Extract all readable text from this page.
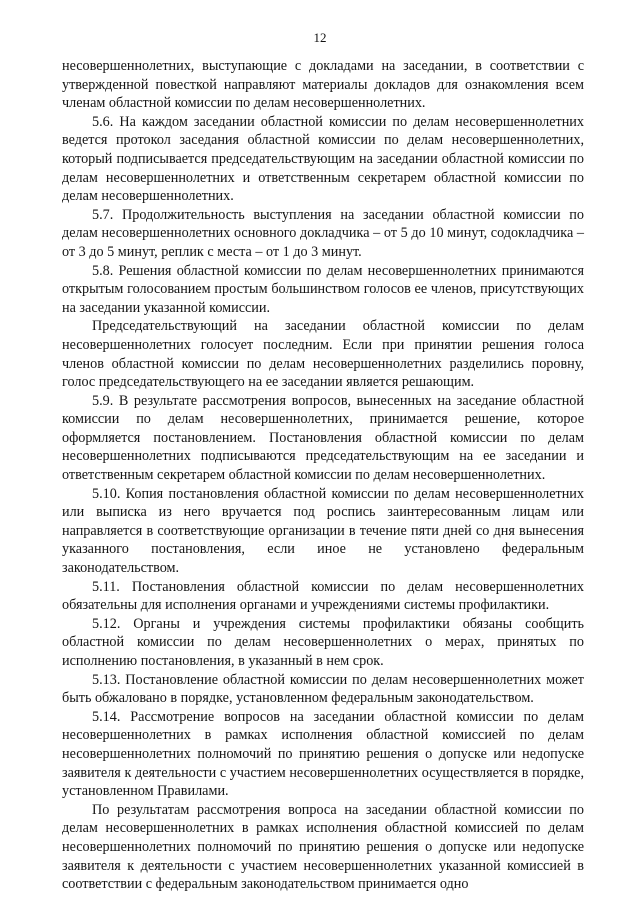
12

несовершеннолетних, выступающие с докладами на заседании, в соответствии с утвержденной повесткой направляют материалы докладов для ознакомления всем членам областной комиссии по делам несовершеннолетних.

5.6. На каждом заседании областной комиссии по делам несовершеннолетних ведется протокол заседания областной комиссии по делам несовершеннолетних, который подписывается председательствующим на заседании областной комиссии по делам несовершеннолетних и ответственным секретарем областной комиссии по делам несовершеннолетних.

5.7. Продолжительность выступления на заседании областной комиссии по делам несовершеннолетних основного докладчика – от 5 до 10 минут, содокладчика – от 3 до 5 минут, реплик с места – от 1 до 3 минут.

5.8. Решения областной комиссии по делам несовершеннолетних принимаются открытым голосованием простым большинством голосов ее членов, присутствующих на заседании указанной комиссии.

Председательствующий на заседании областной комиссии по делам несовершеннолетних голосует последним. Если при принятии решения голоса членов областной комиссии по делам несовершеннолетних разделились поровну, голос председательствующего на ее заседании является решающим.

5.9. В результате рассмотрения вопросов, вынесенных на заседание областной комиссии по делам несовершеннолетних, принимается решение, которое оформляется постановлением. Постановления областной комиссии по делам несовершеннолетних подписываются председательствующим на ее заседании и ответственным секретарем областной комиссии по делам несовершеннолетних.

5.10. Копия постановления областной комиссии по делам несовершеннолетних или выписка из него вручается под роспись заинтересованным лицам или направляется в соответствующие организации в течение пяти дней со дня вынесения указанного постановления, если иное не установлено федеральным законодательством.

5.11. Постановления областной комиссии по делам несовершеннолетних обязательны для исполнения органами и учреждениями системы профилактики.

5.12. Органы и учреждения системы профилактики обязаны сообщить областной комиссии по делам несовершеннолетних о мерах, принятых по исполнению постановления, в указанный в нем срок.

5.13. Постановление областной комиссии по делам несовершеннолетних может быть обжаловано в порядке, установленном федеральным законодательством.

5.14. Рассмотрение вопросов на заседании областной комиссии по делам несовершеннолетних в рамках исполнения областной комиссией по делам несовершеннолетних полномочий по принятию решения о допуске или недопуске заявителя к деятельности с участием несовершеннолетних осуществляется в порядке, установленном Правилами.

По результатам рассмотрения вопроса на заседании областной комиссии по делам несовершеннолетних в рамках исполнения областной комиссией по делам несовершеннолетних полномочий по принятию решения о допуске или недопуске заявителя к деятельности с участием несовершеннолетних указанной комиссией в соответствии с федеральным законодательством принимается одно
